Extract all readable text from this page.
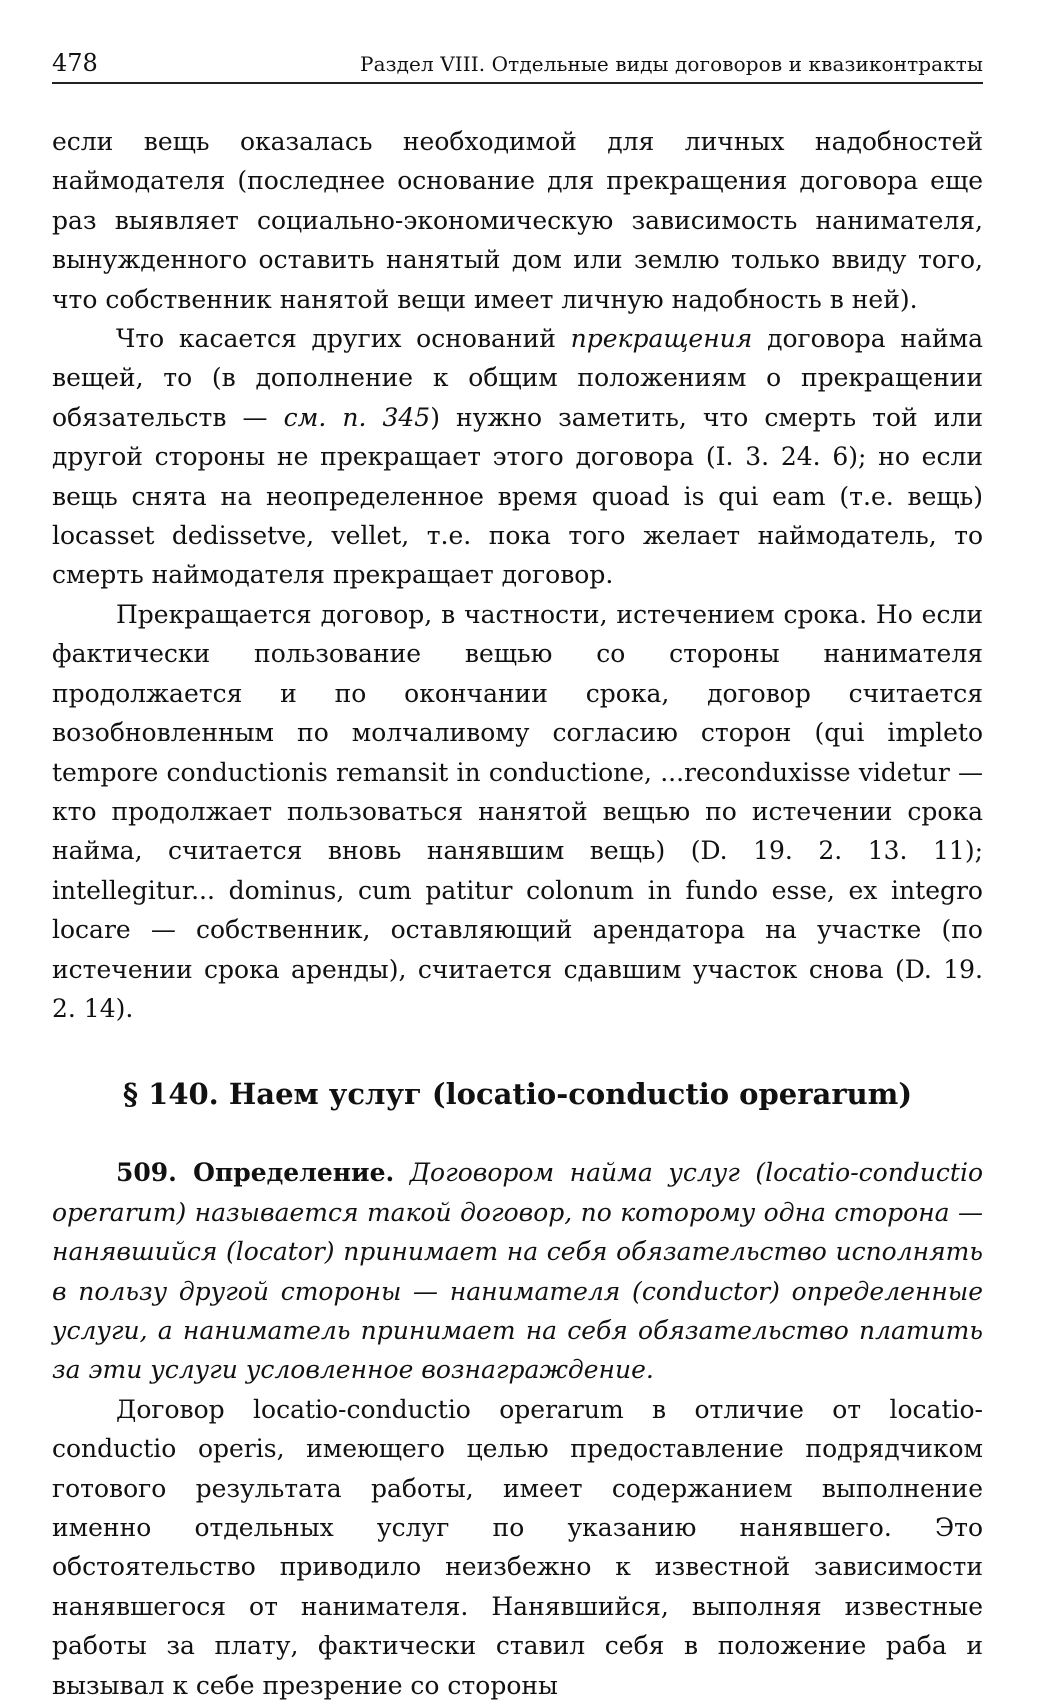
478	Раздел VIII. Отдельные виды договоров и квазиконтракты

если вещь оказалась необходимой для личных надобностей наймодателя (последнее основание для прекращения договора еще раз выявляет социально-экономическую зависимость нанимателя, вынужденного оставить нанятый дом или землю только ввиду того, что собственник нанятой вещи имеет личную надобность в ней).

Что касается других оснований прекращения договора найма вещей, то (в дополнение к общим положениям о прекращении обязательств — см. п. 345) нужно заметить, что смерть той или другой стороны не прекращает этого договора (I. 3. 24. 6); но если вещь снята на неопределенное время quoad is qui eam (т.е. вещь) locasset dedissetve, vellet, т.е. пока того желает наймодатель, то смерть наймодателя прекращает договор.

Прекращается договор, в частности, истечением срока. Но если фактически пользование вещью со стороны нанимателя продолжается и по окончании срока, договор считается возобновленным по молчаливому согласию сторон (qui impleto tempore conductionis remansit in conductione, ...reconduxisse videtur — кто продолжает пользоваться нанятой вещью по истечении срока найма, считается вновь нанявшим вещь) (D. 19. 2. 13. 11); intellegitur... dominus, cum patitur colonum in fundo esse, ex integro locare — собственник, оставляющий арендатора на участке (по истечении срока аренды), считается сдавшим участок снова (D. 19. 2. 14).

§ 140. Наем услуг (locatio-conductio operarum)

509. Определение. Договором найма услуг (locatio-conductio operarum) называется такой договор, по которому одна сторона — нанявшийся (locator) принимает на себя обязательство исполнять в пользу другой стороны — нанимателя (conductor) определенные услуги, а наниматель принимает на себя обязательство платить за эти услуги условленное вознаграждение.

Договор locatio-conductio operarum в отличие от locatio-conductio operis, имеющего целью предоставление подрядчиком готового результата работы, имеет содержанием выполнение именно отдельных услуг по указанию нанявшего. Это обстоятельство приводило неизбежно к известной зависимости нанявшегося от нанимателя. Нанявшийся, выполняя известные работы за плату, фактически ставил себя в положение раба и вызывал к себе презрение со стороны
